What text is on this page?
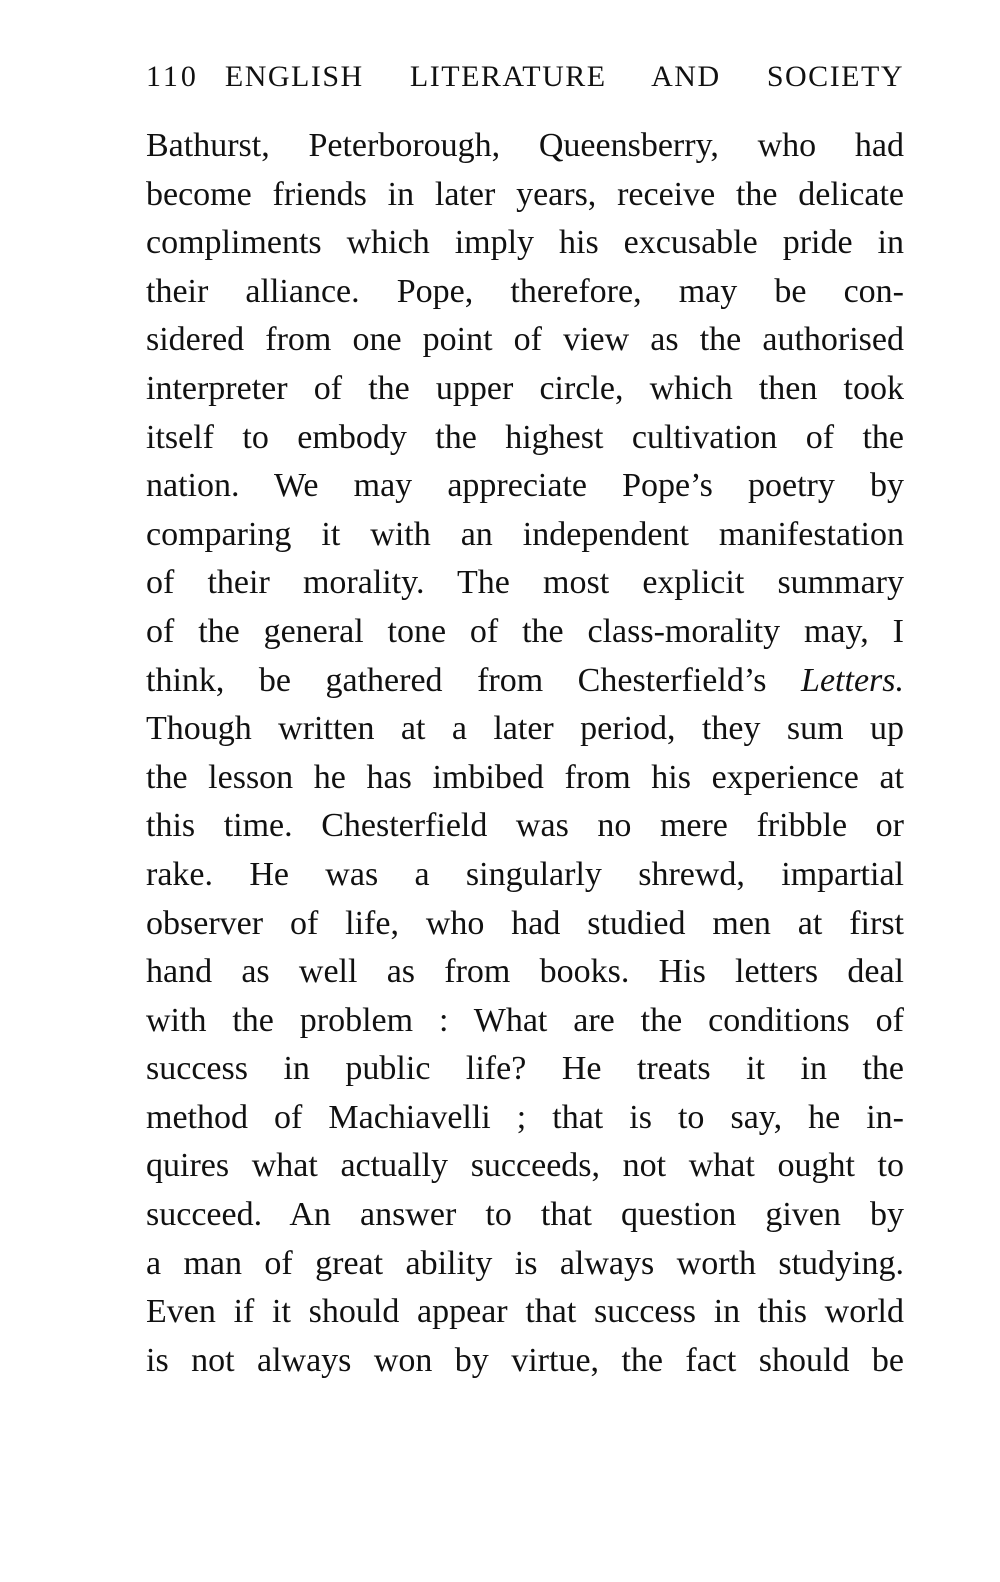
110 ENGLISH LITERATURE AND SOCIETY
Bathurst, Peterborough, Queensberry, who had
become friends in later years, receive the delicate
compliments which imply his excusable pride in
their alliance. Pope, therefore, may be con-
sidered from one point of view as the authorised
interpreter of the upper circle, which then took
itself to embody the highest cultivation of the
nation. We may appreciate Pope’s poetry by
comparing it with an independent manifestation
of their morality. The most explicit summary
of the general tone of the class-morality may, I
think, be gathered from Chesterfield’s Letters.
Though written at a later period, they sum up
the lesson he has imbibed from his experience at
this time. Chesterfield was no mere fribble or
rake. He was a singularly shrewd, impartial
observer of life, who had studied men at first
hand as well as from books. His letters deal
with the problem : What are the conditions of
success in public life? He treats it in the
method of Machiavelli ; that is to say, he in-
quires what actually succeeds, not what ought to
succeed. An answer to that question given by
a man of great ability is always worth studying.
Even if it should appear that success in this world
is not always won by virtue, the fact should be
